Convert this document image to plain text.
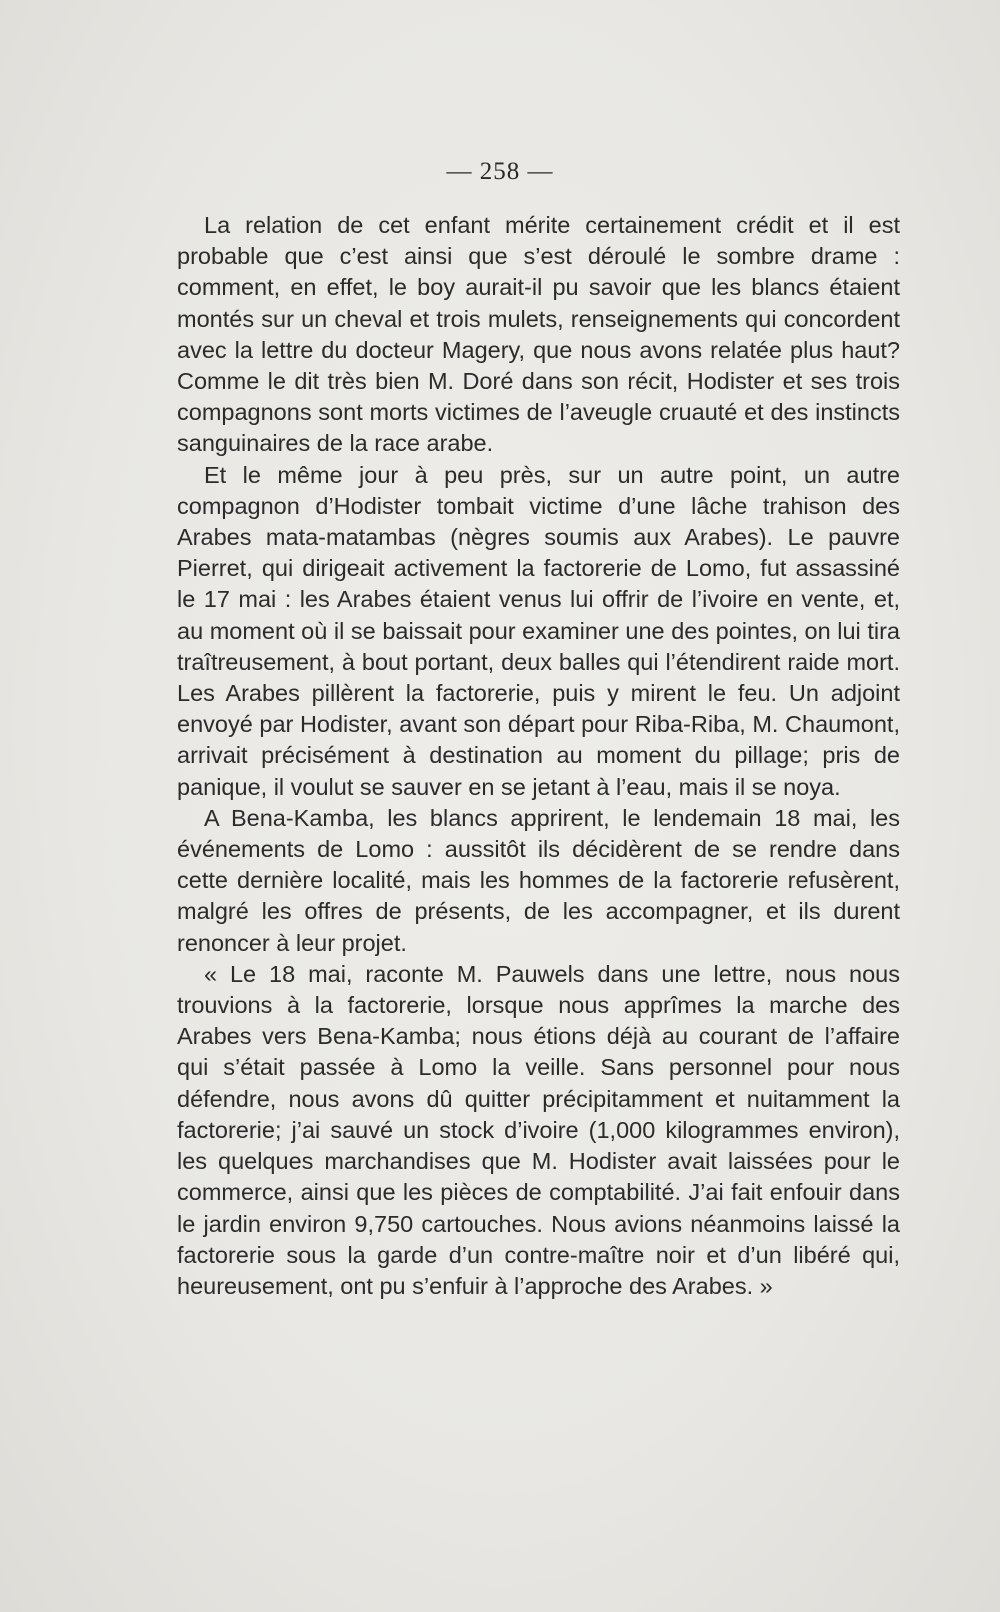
— 258 —

La relation de cet enfant mérite certainement crédit et il est probable que c’est ainsi que s’est déroulé le sombre drame : comment, en effet, le boy aurait-il pu savoir que les blancs étaient montés sur un cheval et trois mulets, renseignements qui concordent avec la lettre du docteur Magery, que nous avons relatée plus haut? Comme le dit très bien M. Doré dans son récit, Hodister et ses trois compagnons sont morts victimes de l’aveugle cruauté et des instincts sanguinaires de la race arabe.

Et le même jour à peu près, sur un autre point, un autre compagnon d’Hodister tombait victime d’une lâche trahison des Arabes mata-matambas (nègres soumis aux Arabes). Le pauvre Pierret, qui dirigeait activement la factorerie de Lomo, fut assassiné le 17 mai : les Arabes étaient venus lui offrir de l’ivoire en vente, et, au moment où il se baissait pour examiner une des pointes, on lui tira traîtreusement, à bout portant, deux balles qui l’étendirent raide mort. Les Arabes pillèrent la factorerie, puis y mirent le feu. Un adjoint envoyé par Hodister, avant son départ pour Riba-Riba, M. Chaumont, arrivait précisément à destination au moment du pillage; pris de panique, il voulut se sauver en se jetant à l’eau, mais il se noya.

A Bena-Kamba, les blancs apprirent, le lendemain 18 mai, les événements de Lomo : aussitôt ils décidèrent de se rendre dans cette dernière localité, mais les hommes de la factorerie refusèrent, malgré les offres de présents, de les accompagner, et ils durent renoncer à leur projet.

« Le 18 mai, raconte M. Pauwels dans une lettre, nous nous trouvions à la factorerie, lorsque nous apprîmes la marche des Arabes vers Bena-Kamba; nous étions déjà au courant de l’affaire qui s’était passée à Lomo la veille. Sans personnel pour nous défendre, nous avons dû quitter précipitamment et nuitamment la factorerie; j’ai sauvé un stock d’ivoire (1,000 kilogrammes environ), les quelques marchandises que M. Hodister avait laissées pour le commerce, ainsi que les pièces de comptabilité. J’ai fait enfouir dans le jardin environ 9,750 cartouches. Nous avions néanmoins laissé la factorerie sous la garde d’un contre-maître noir et d’un libéré qui, heureusement, ont pu s’enfuir à l’approche des Arabes. »
